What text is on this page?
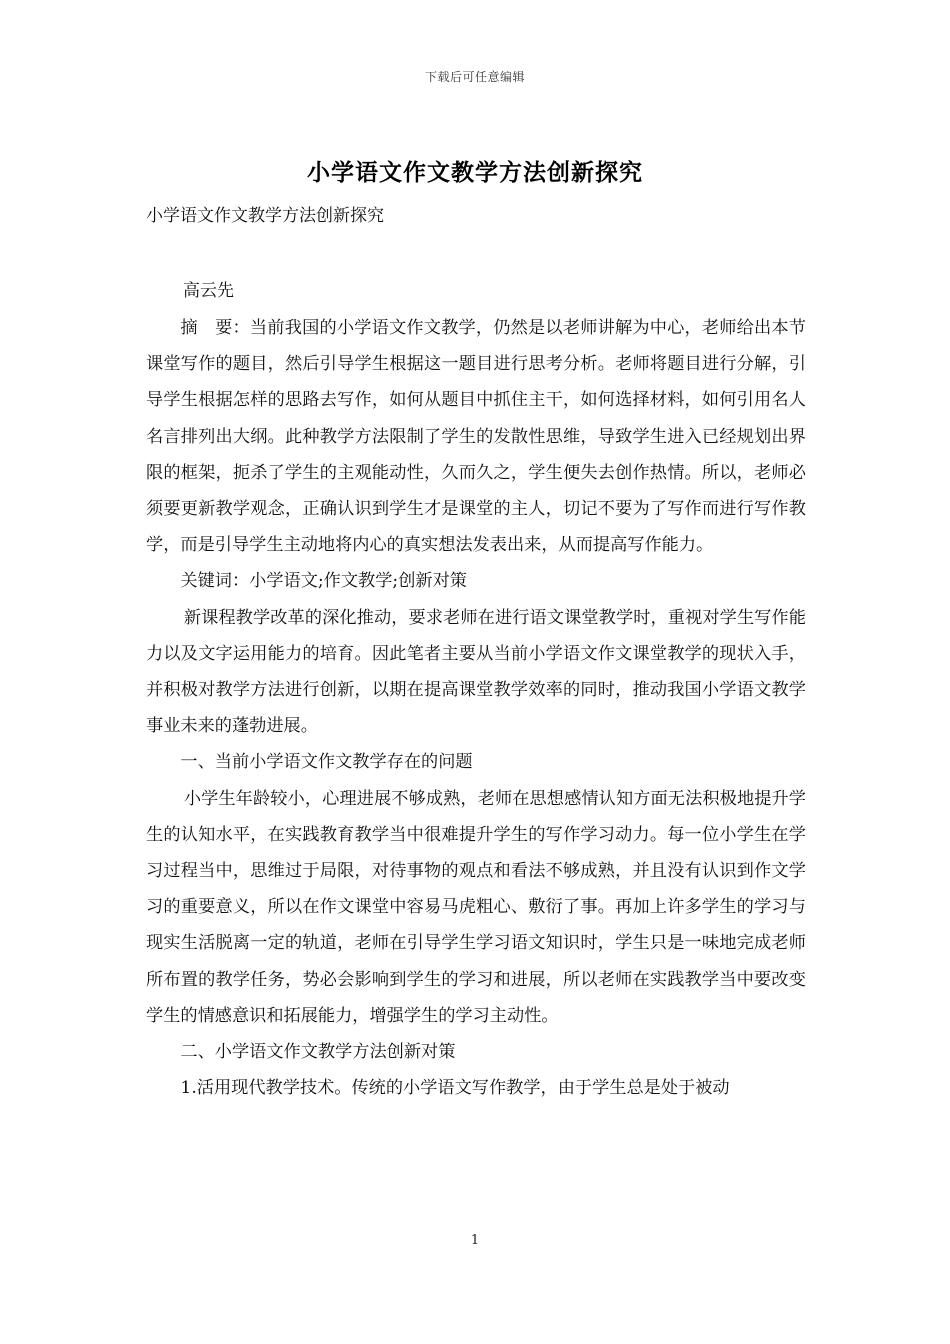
下载后可任意编辑
小学语文作文教学方法创新探究
小学语文作文教学方法创新探究
高云先

摘　要：当前我国的小学语文作文教学，仍然是以老师讲解为中心，老师给出本节课堂写作的题目，然后引导学生根据这一题目进行思考分析。老师将题目进行分解，引导学生根据怎样的思路去写作，如何从题目中抓住主干，如何选择材料，如何引用名人名言排列出大纲。此种教学方法限制了学生的发散性思维，导致学生进入已经规划出界限的框架，扼杀了学生的主观能动性，久而久之，学生便失去创作热情。所以，老师必须要更新教学观念，正确认识到学生才是课堂的主人，切记不要为了写作而进行写作教学，而是引导学生主动地将内心的真实想法发表出来，从而提高写作能力。

关键词：小学语文;作文教学;创新对策

新课程教学改革的深化推动，要求老师在进行语文课堂教学时，重视对学生写作能力以及文字运用能力的培育。因此笔者主要从当前小学语文作文课堂教学的现状入手，并积极对教学方法进行创新，以期在提高课堂教学效率的同时，推动我国小学语文教学事业未来的蓬勃进展。

一、当前小学语文作文教学存在的问题

小学生年龄较小，心理进展不够成熟，老师在思想感情认知方面无法积极地提升学生的认知水平，在实践教育教学当中很难提升学生的写作学习动力。每一位小学生在学习过程当中，思维过于局限，对待事物的观点和看法不够成熟，并且没有认识到作文学习的重要意义，所以在作文课堂中容易马虎粗心、敷衍了事。再加上许多学生的学习与现实生活脱离一定的轨道，老师在引导学生学习语文知识时，学生只是一味地完成老师所布置的教学任务，势必会影响到学生的学习和进展，所以老师在实践教学当中要改变学生的情感意识和拓展能力，增强学生的学习主动性。

二、小学语文作文教学方法创新对策

1.活用现代教学技术。传统的小学语文写作教学，由于学生总是处于被动

1
